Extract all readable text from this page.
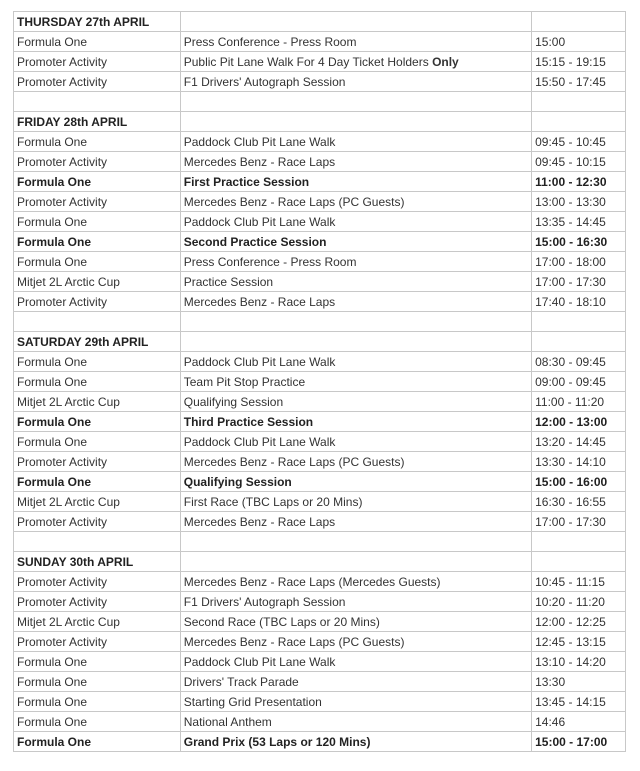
THURSDAY 27th APRIL		
Formula One	Press Conference - Press Room	15:00
Promoter Activity	Public Pit Lane Walk For 4 Day Ticket Holders Only	15:15 - 19:15
Promoter Activity	F1 Drivers' Autograph Session	15:50 - 17:45

FRIDAY 28th APRIL		
Formula One	Paddock Club Pit Lane Walk	09:45 - 10:45
Promoter Activity	Mercedes Benz - Race Laps	09:45 - 10:15
Formula One	First Practice Session	11:00 - 12:30
Promoter Activity	Mercedes Benz - Race Laps (PC Guests)	13:00 - 13:30
Formula One	Paddock Club Pit Lane Walk	13:35 - 14:45
Formula One	Second Practice Session	15:00 - 16:30
Formula One	Press Conference - Press Room	17:00 - 18:00
Mitjet 2L Arctic Cup	Practice Session	17:00 - 17:30
Promoter Activity	Mercedes Benz - Race Laps	17:40 - 18:10

SATURDAY 29th APRIL		
Formula One	Paddock Club Pit Lane Walk	08:30 - 09:45
Formula One	Team Pit Stop Practice	09:00 - 09:45
Mitjet 2L Arctic Cup	Qualifying Session	11:00 - 11:20
Formula One	Third Practice Session	12:00 - 13:00
Formula One	Paddock Club Pit Lane Walk	13:20 - 14:45
Promoter Activity	Mercedes Benz - Race Laps (PC Guests)	13:30 - 14:10
Formula One	Qualifying Session	15:00 - 16:00
Mitjet 2L Arctic Cup	First Race (TBC Laps or 20 Mins)	16:30 - 16:55
Promoter Activity	Mercedes Benz - Race Laps	17:00 - 17:30

SUNDAY 30th APRIL		
Promoter Activity	Mercedes Benz - Race Laps (Mercedes Guests)	10:45 - 11:15
Promoter Activity	F1 Drivers' Autograph Session	10:20 - 11:20
Mitjet 2L Arctic Cup	Second Race (TBC Laps or 20 Mins)	12:00 - 12:25
Promoter Activity	Mercedes Benz - Race Laps (PC Guests)	12:45 - 13:15
Formula One	Paddock Club Pit Lane Walk	13:10 - 14:20
Formula One	Drivers' Track Parade	13:30
Formula One	Starting Grid Presentation	13:45 - 14:15
Formula One	National Anthem	14:46
Formula One	Grand Prix (53 Laps or 120 Mins)	15:00 - 17:00
